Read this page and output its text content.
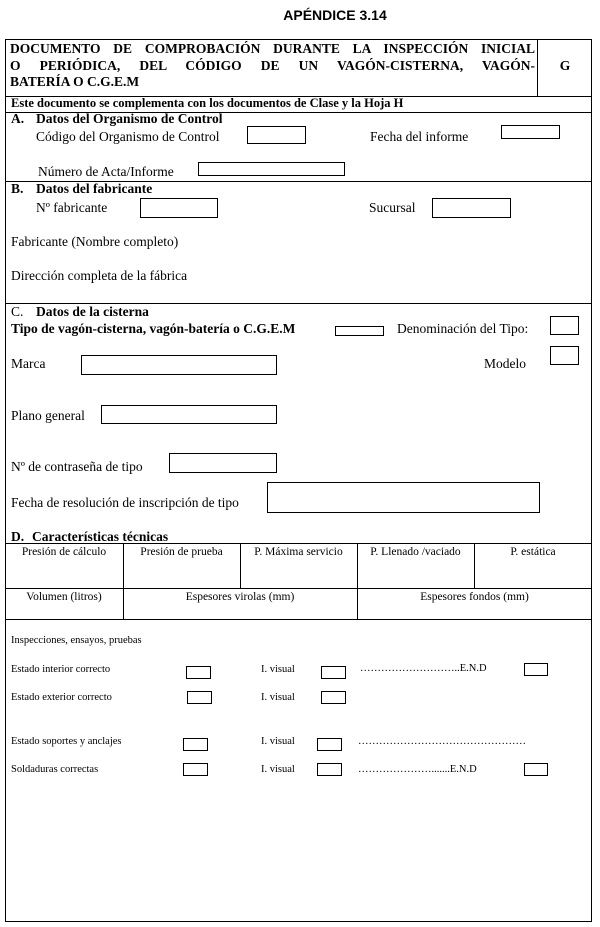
APÉNDICE 3.14
DOCUMENTO DE COMPROBACIÓN DURANTE LA INSPECCIÓN INICIAL
O PERIÓDICA, DEL CÓDIGO DE UN VAGÓN-CISTERNA, VAGÓN-
BATERÍA O C.G.E.M
G
Este documento se complementa con los documentos de Clase y la Hoja H
A. Datos del Organismo de Control
Código del Organismo de Control	Fecha del informe
Número de Acta/Informe
B. Datos del fabricante
Nº fabricante	Sucursal
Fabricante (Nombre completo)
Dirección completa de la fábrica
C. Datos de la cisterna
Tipo de vagón-cisterna, vagón-batería o C.G.E.M	Denominación del Tipo:
Marca	Modelo
Plano general
Nº de contraseña de tipo
Fecha de resolución de inscripción de tipo
D. Características técnicas
Presión de cálculo	Presión de prueba	P. Máxima servicio	P. Llenado /vaciado	P. estática
Volumen (litros)	Espesores virolas (mm)	Espesores fondos (mm)
Inspecciones, ensayos, pruebas
Estado interior correcto	I. visual	………………………..E.N.D
Estado exterior correcto	I. visual
Estado soportes y anclajes	I. visual	…………………………………………
Soldaduras correctas	I. visual	………………….......E.N.D
